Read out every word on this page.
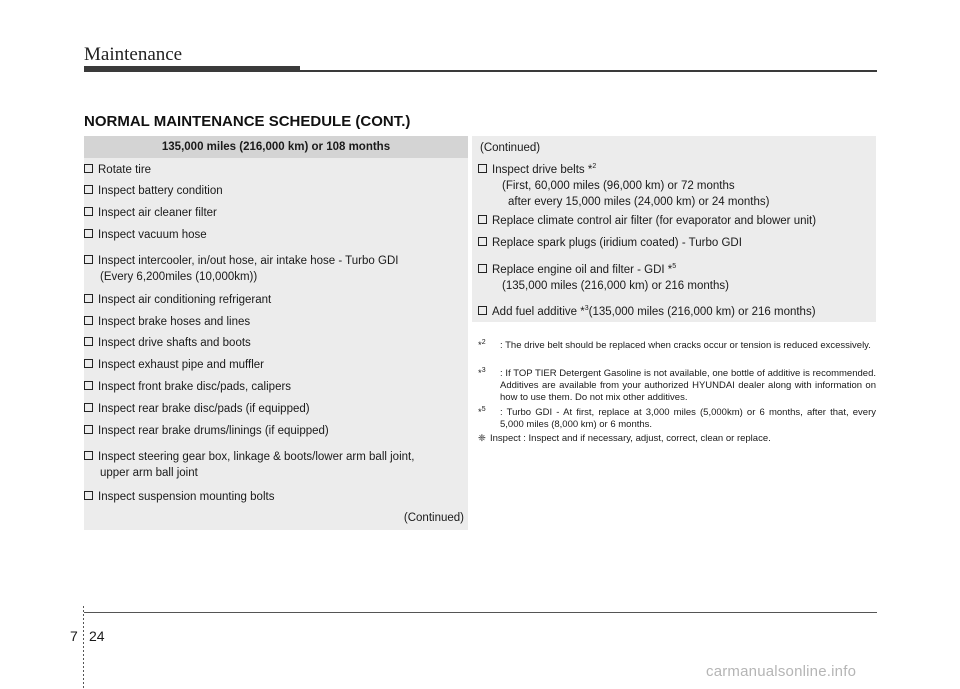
Maintenance
NORMAL MAINTENANCE SCHEDULE (CONT.)
135,000 miles (216,000 km) or 108 months
Rotate tire
Inspect battery condition
Inspect air cleaner filter
Inspect vacuum hose
Inspect intercooler, in/out hose, air intake hose - Turbo GDI
(Every 6,200miles (10,000km))
Inspect air conditioning refrigerant
Inspect brake hoses and lines
Inspect drive shafts and boots
Inspect exhaust pipe and muffler
Inspect front brake disc/pads, calipers
Inspect rear brake disc/pads (if equipped)
Inspect rear brake drums/linings (if equipped)
Inspect steering gear box, linkage & boots/lower arm ball joint,
upper arm ball joint
Inspect suspension mounting bolts
(Continued)
(Continued)
Inspect drive belts *$^2$
(First, 60,000 miles (96,000 km) or 72 months
after every 15,000 miles (24,000 km) or 24 months)
Replace climate control air filter (for evaporator and blower unit)
Replace spark plugs (iridium coated) - Turbo GDI
Replace engine oil and filter - GDI *$^5$
(135,000 miles (216,000 km) or 216 months)
Add fuel additive *$^3$(135,000 miles (216,000 km) or 216 months)
*$^2$	: The drive belt should be replaced when cracks occur or tension is reduced excessively.
*$^3$	: If TOP TIER Detergent Gasoline is not available, one bottle of additive is recommended. Additives are available from your authorized HYUNDAI dealer along with information on how to use them. Do not mix other additives.
*$^5$	: Turbo GDI - At first, replace at 3,000 miles (5,000km) or 6 months, after that, every 5,000 miles (8,000 km) or 6 months.
❈ Inspect : Inspect and if necessary, adjust, correct, clean or replace.
7 24
carmanualsonline.info
